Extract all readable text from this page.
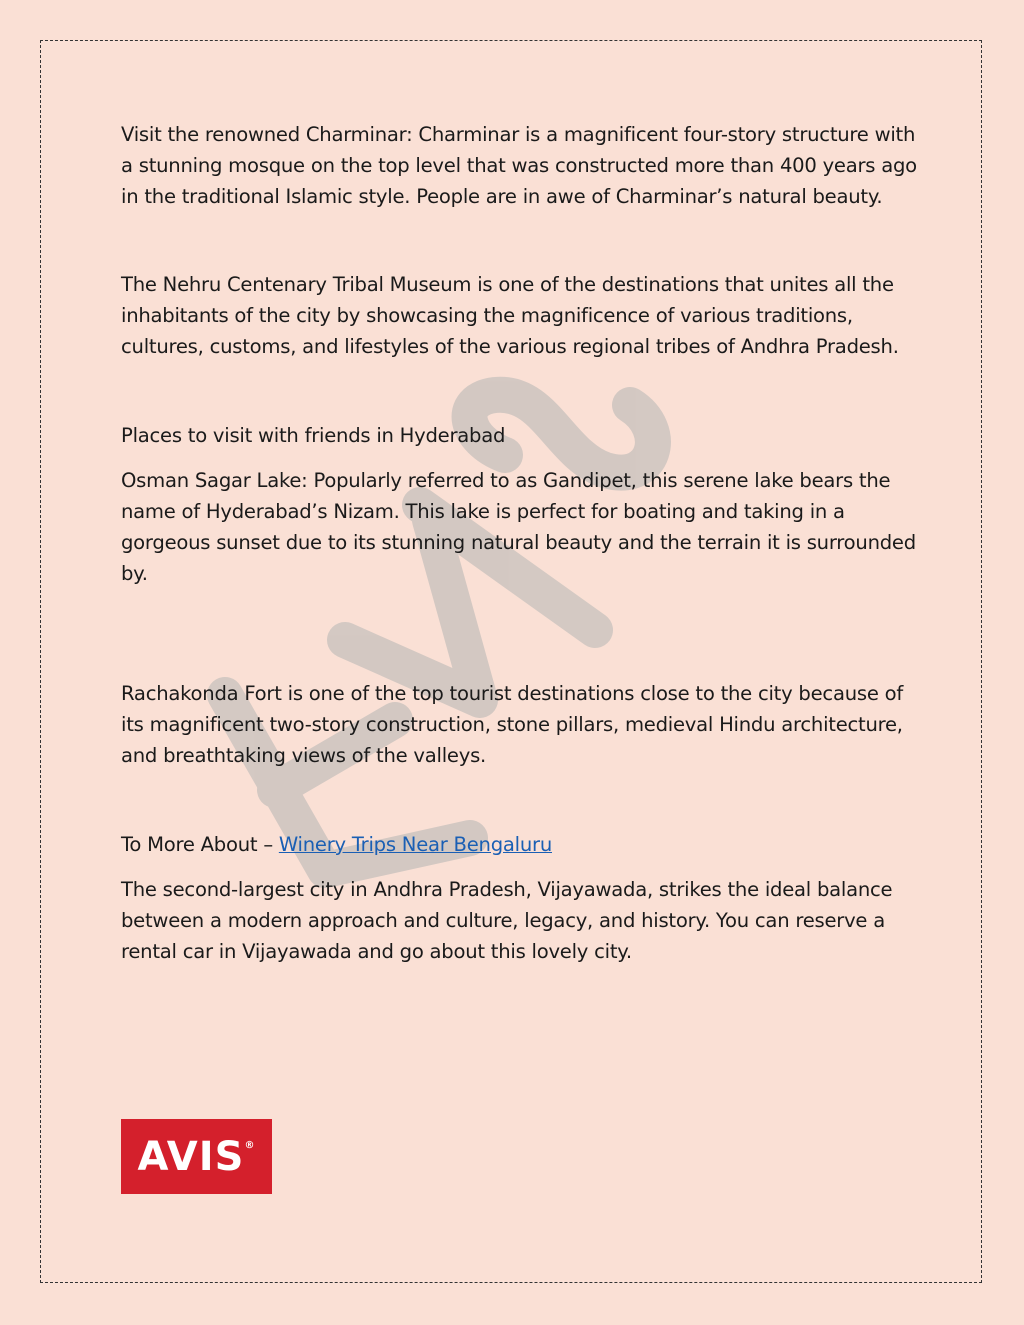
Visit the renowned Charminar: Charminar is a magnificent four-story structure with a stunning mosque on the top level that was constructed more than 400 years ago in the traditional Islamic style. People are in awe of Charminar’s natural beauty.

The Nehru Centenary Tribal Museum is one of the destinations that unites all the inhabitants of the city by showcasing the magnificence of various traditions, cultures, customs, and lifestyles of the various regional tribes of Andhra Pradesh.

Places to visit with friends in Hyderabad

Osman Sagar Lake: Popularly referred to as Gandipet, this serene lake bears the name of Hyderabad’s Nizam. This lake is perfect for boating and taking in a gorgeous sunset due to its stunning natural beauty and the terrain it is surrounded by.

Rachakonda Fort is one of the top tourist destinations close to the city because of its magnificent two-story construction, stone pillars, medieval Hindu architecture, and breathtaking views of the valleys.

To More About – Winery Trips Near Bengaluru

The second-largest city in Andhra Pradesh, Vijayawada, strikes the ideal balance between a modern approach and culture, legacy, and history. You can reserve a rental car in Vijayawada and go about this lovely city.

AVIS®
